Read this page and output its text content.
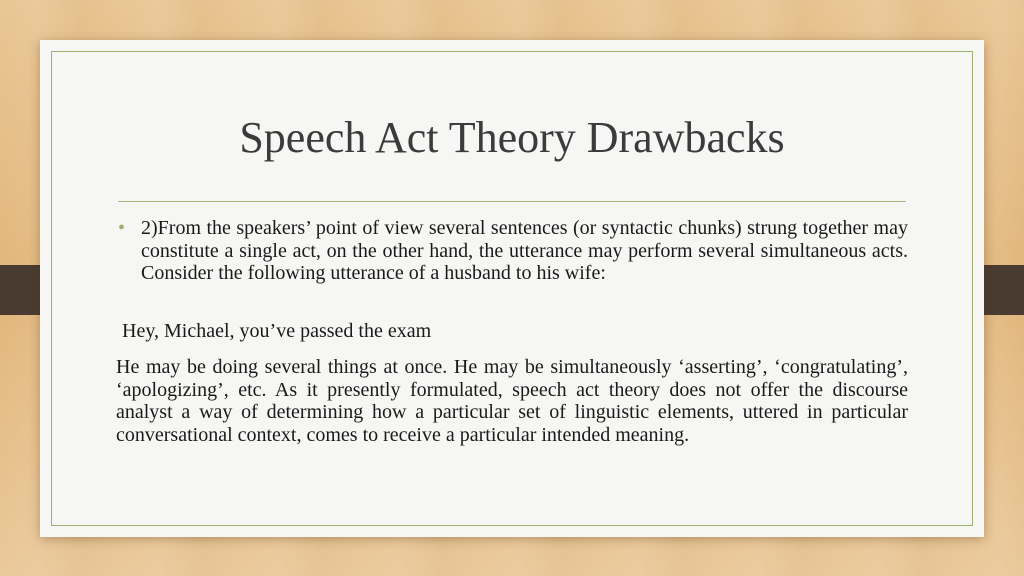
Speech Act Theory Drawbacks
• 2)From the speakers’ point of view several sentences (or syntactic chunks) strung together may constitute a single act, on the other hand, the utterance may perform several simultaneous acts. Consider the following utterance of a husband to his wife:

Hey, Michael, you’ve passed the exam

He may be doing several things at once. He may be simultaneously ‘asserting’, ‘congratulating’, ‘apologizing’, etc. As it presently formulated, speech act theory does not offer the discourse analyst a way of determining how a particular set of linguistic elements, uttered in particular conversational context, comes to receive a particular intended meaning.
